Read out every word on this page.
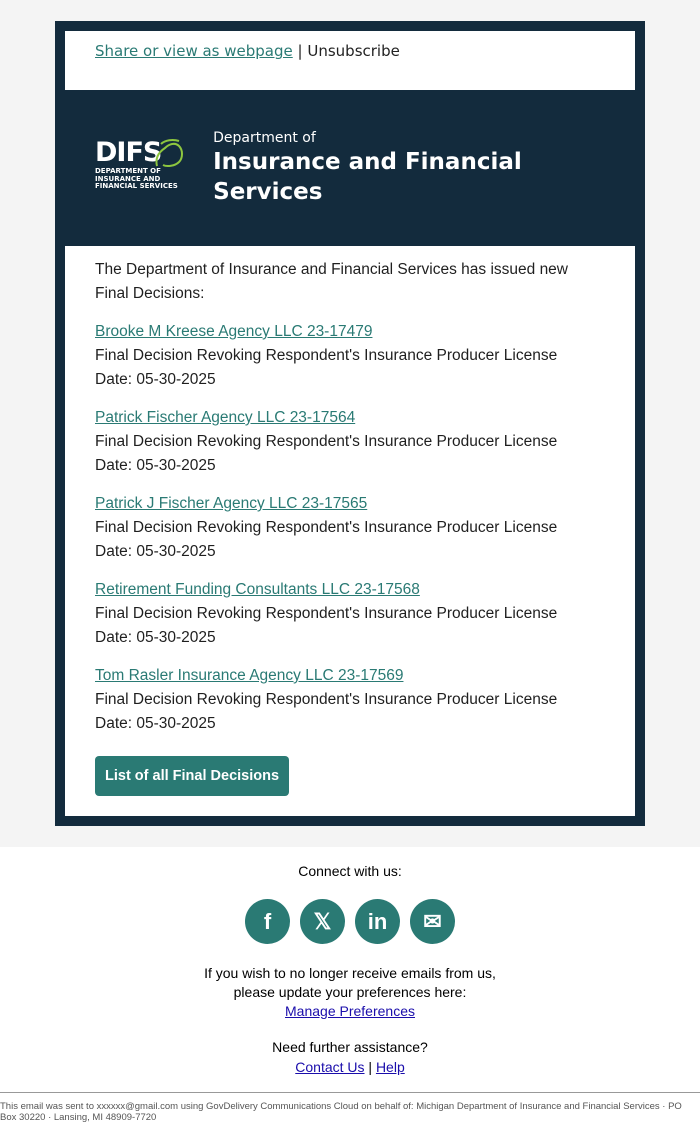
Share or view as webpage | Unsubscribe
DIFS
DEPARTMENT OF INSURANCE AND FINANCIAL SERVICES
Department of
Insurance and Financial Services

The Department of Insurance and Financial Services has issued new Final Decisions:

Brooke M Kreese Agency LLC 23-17479
Final Decision Revoking Respondent's Insurance Producer License
Date: 05-30-2025
Patrick Fischer Agency LLC 23-17564
Final Decision Revoking Respondent's Insurance Producer License
Date: 05-30-2025
Patrick J Fischer Agency LLC 23-17565
Final Decision Revoking Respondent's Insurance Producer License
Date: 05-30-2025
Retirement Funding Consultants LLC 23-17568
Final Decision Revoking Respondent's Insurance Producer License
Date: 05-30-2025
Tom Rasler Insurance Agency LLC 23-17569
Final Decision Revoking Respondent's Insurance Producer License
Date: 05-30-2025
List of all Final Decisions
Connect with us:
f	𝕏	in	✉
If you wish to no longer receive emails from us,
please update your preferences here:
Manage Preferences
Need further assistance?
Contact Us | Help
This email was sent to xxxxxx@gmail.com using GovDelivery Communications Cloud on behalf of: Michigan Department of Insurance and Financial Services · PO Box 30220 · Lansing, MI 48909-7720
